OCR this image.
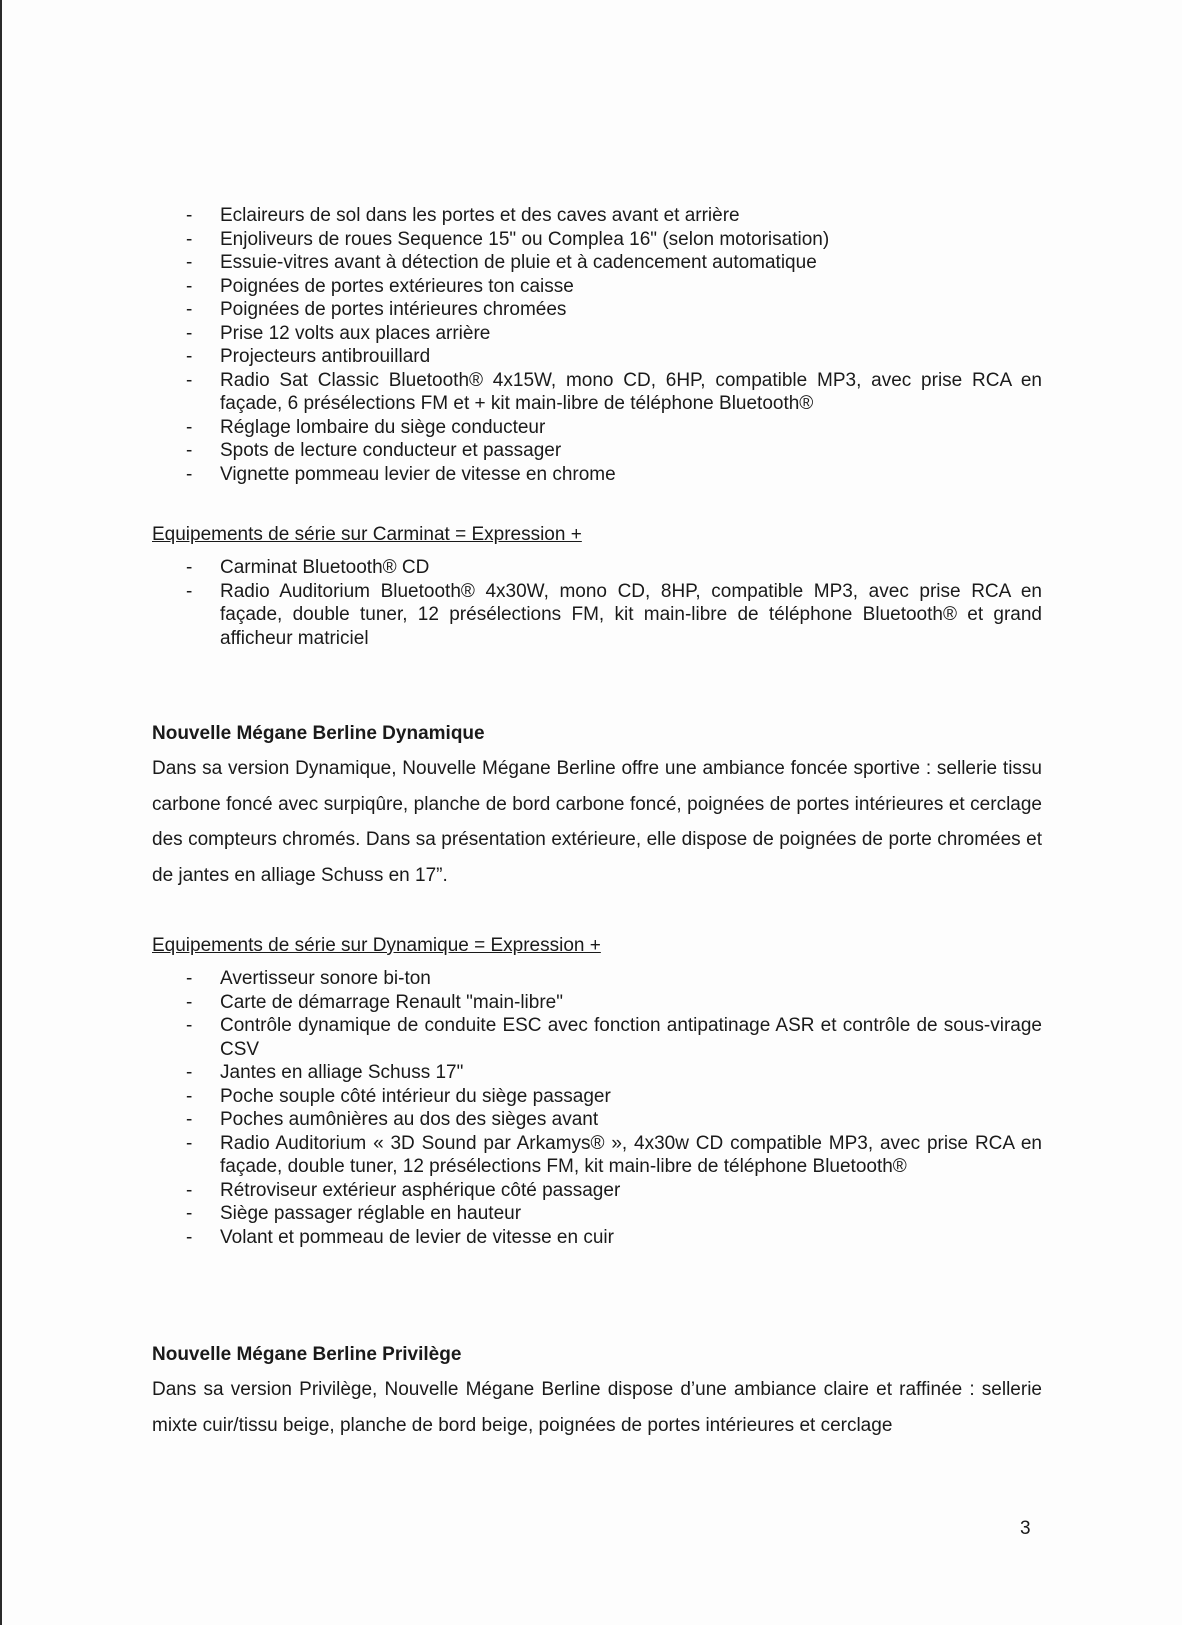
- Eclaireurs de sol dans les portes et des caves avant et arrière
- Enjoliveurs de roues Sequence 15" ou Complea 16" (selon motorisation)
- Essuie-vitres avant à détection de pluie et à cadencement automatique
- Poignées de portes extérieures ton caisse
- Poignées de portes intérieures chromées
- Prise 12 volts aux places arrière
- Projecteurs antibrouillard
- Radio Sat Classic Bluetooth® 4x15W, mono CD, 6HP, compatible MP3, avec prise RCA en façade, 6 présélections FM et + kit main-libre de téléphone Bluetooth®
- Réglage lombaire du siège conducteur
- Spots de lecture conducteur et passager
- Vignette pommeau levier de vitesse en chrome
Equipements de série sur Carminat = Expression +
- Carminat Bluetooth® CD
- Radio Auditorium Bluetooth® 4x30W, mono CD, 8HP, compatible MP3, avec prise RCA en façade, double tuner, 12 présélections FM, kit main-libre de téléphone Bluetooth® et grand afficheur matriciel
Nouvelle Mégane Berline Dynamique

Dans sa version Dynamique, Nouvelle Mégane Berline offre une ambiance foncée sportive : sellerie tissu carbone foncé avec surpiqûre, planche de bord carbone foncé, poignées de portes intérieures et cerclage des compteurs chromés. Dans sa présentation extérieure, elle dispose de poignées de porte chromées et de jantes en alliage Schuss en 17”.

Equipements de série sur Dynamique = Expression +
- Avertisseur sonore bi-ton
- Carte de démarrage Renault "main-libre"
- Contrôle dynamique de conduite ESC avec fonction antipatinage ASR et contrôle de sous-virage CSV
- Jantes en alliage Schuss 17"
- Poche souple côté intérieur du siège passager
- Poches aumônières au dos des sièges avant
- Radio Auditorium « 3D Sound par Arkamys® », 4x30w CD compatible MP3, avec prise RCA en façade, double tuner, 12 présélections FM, kit main-libre de téléphone Bluetooth®
- Rétroviseur extérieur asphérique côté passager
- Siège passager réglable en hauteur
- Volant et pommeau de levier de vitesse en cuir
Nouvelle Mégane Berline Privilège

Dans sa version Privilège, Nouvelle Mégane Berline dispose d’une ambiance claire et raffinée : sellerie mixte cuir/tissu beige, planche de bord beige, poignées de portes intérieures et cerclage

3
